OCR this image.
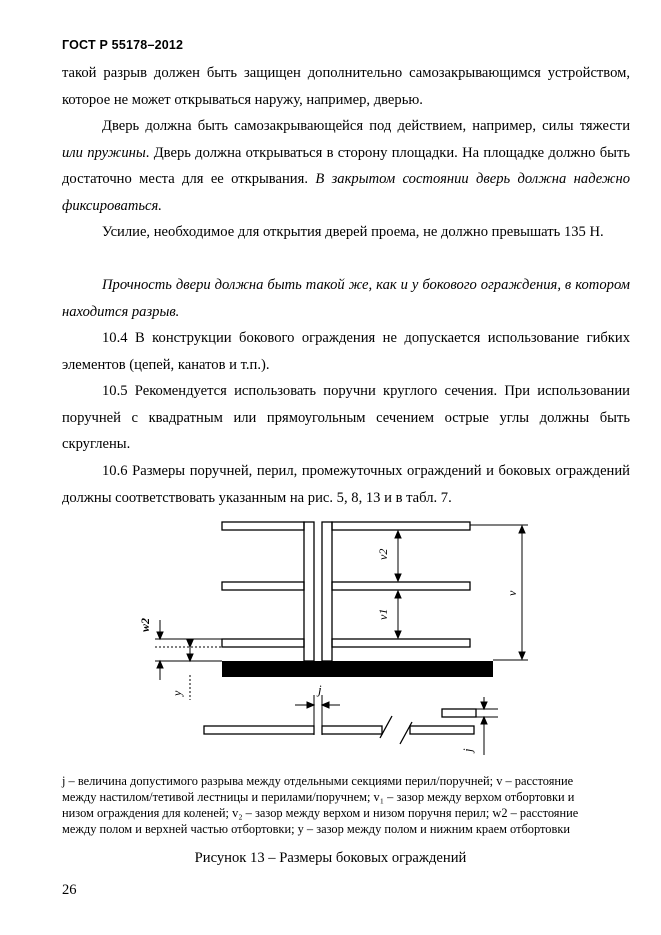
ГОСТ Р 55178–2012

такой разрыв должен быть защищен дополнительно самозакрывающимся устройством, которое не может открываться наружу, например, дверью.

Дверь должна быть самозакрывающейся под действием, например, силы тяжести или пружины. Дверь должна открываться в сторону площадки. На площадке должно быть достаточно места для ее открывания. В закрытом состоянии дверь должна надежно фиксироваться.

Усилие, необходимое для открытия дверей проема, не должно превышать 135 Н.

Прочность двери должна быть такой же, как и у бокового ограждения, в котором находится разрыв.

10.4 В конструкции бокового ограждения не допускается использование гибких элементов (цепей, канатов и т.п.).

10.5 Рекомендуется использовать поручни круглого сечения. При использовании поручней с квадратным или прямоугольным сечением острые углы должны быть скруглены.

10.6 Размеры поручней, перил, промежуточных ограждений и боковых ограждений должны соответствовать указанным на рис. 5, 8, 13 и в табл. 7.

v2
v1
v
w2
y	j
j

j – величина допустимого разрыва между отдельными секциями перил/поручней; v – расстояние

между настилом/тетивой лестницы и перилами/поручнем; v₁ – зазор между верхом отбортовки и

низом ограждения для коленей; v₂ – зазор между верхом и низом поручня перил; w2 – расстояние

между полом и верхней частью отбортовки; y – зазор между полом и нижним краем отбортовки

Рисунок 13 – Размеры боковых ограждений
26
